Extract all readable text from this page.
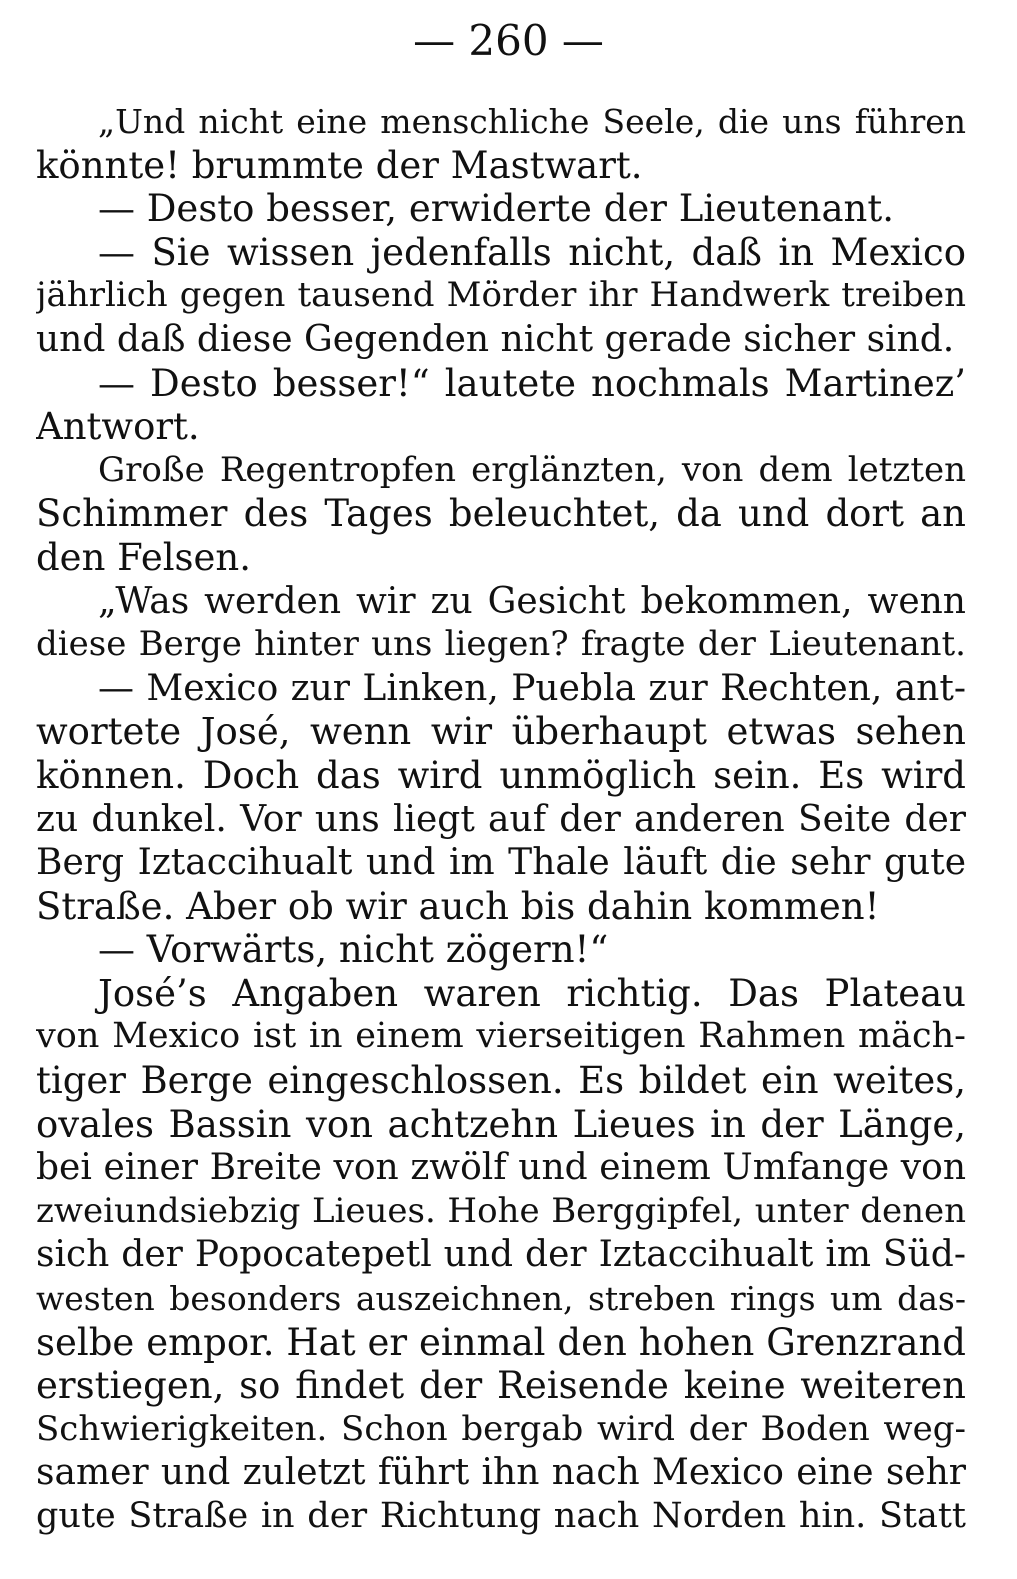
— 260 —
„Und nicht eine menschliche Seele, die uns führen
könnte! brummte der Mastwart.
— Desto besser, erwiderte der Lieutenant.
— Sie wissen jedenfalls nicht, daß in Mexico
jährlich gegen tausend Mörder ihr Handwerk treiben
und daß diese Gegenden nicht gerade sicher sind.
— Desto besser!“ lautete nochmals Martinez’
Antwort.
Große Regentropfen erglänzten, von dem letzten
Schimmer des Tages beleuchtet, da und dort an
den Felsen.
„Was werden wir zu Gesicht bekommen, wenn
diese Berge hinter uns liegen? fragte der Lieutenant.
— Mexico zur Linken, Puebla zur Rechten, ant-
wortete José, wenn wir überhaupt etwas sehen
können. Doch das wird unmöglich sein. Es wird
zu dunkel. Vor uns liegt auf der anderen Seite der
Berg Iztaccihualt und im Thale läuft die sehr gute
Straße. Aber ob wir auch bis dahin kommen!
— Vorwärts, nicht zögern!“
José’s Angaben waren richtig. Das Plateau
von Mexico ist in einem vierseitigen Rahmen mäch-
tiger Berge eingeschlossen. Es bildet ein weites,
ovales Bassin von achtzehn Lieues in der Länge,
bei einer Breite von zwölf und einem Umfange von
zweiundsiebzig Lieues. Hohe Berggipfel, unter denen
sich der Popocatepetl und der Iztaccihualt im Süd-
westen besonders auszeichnen, streben rings um das-
selbe empor. Hat er einmal den hohen Grenzrand
erstiegen, so findet der Reisende keine weiteren
Schwierigkeiten. Schon bergab wird der Boden weg-
samer und zuletzt führt ihn nach Mexico eine sehr
gute Straße in der Richtung nach Norden hin. Statt
